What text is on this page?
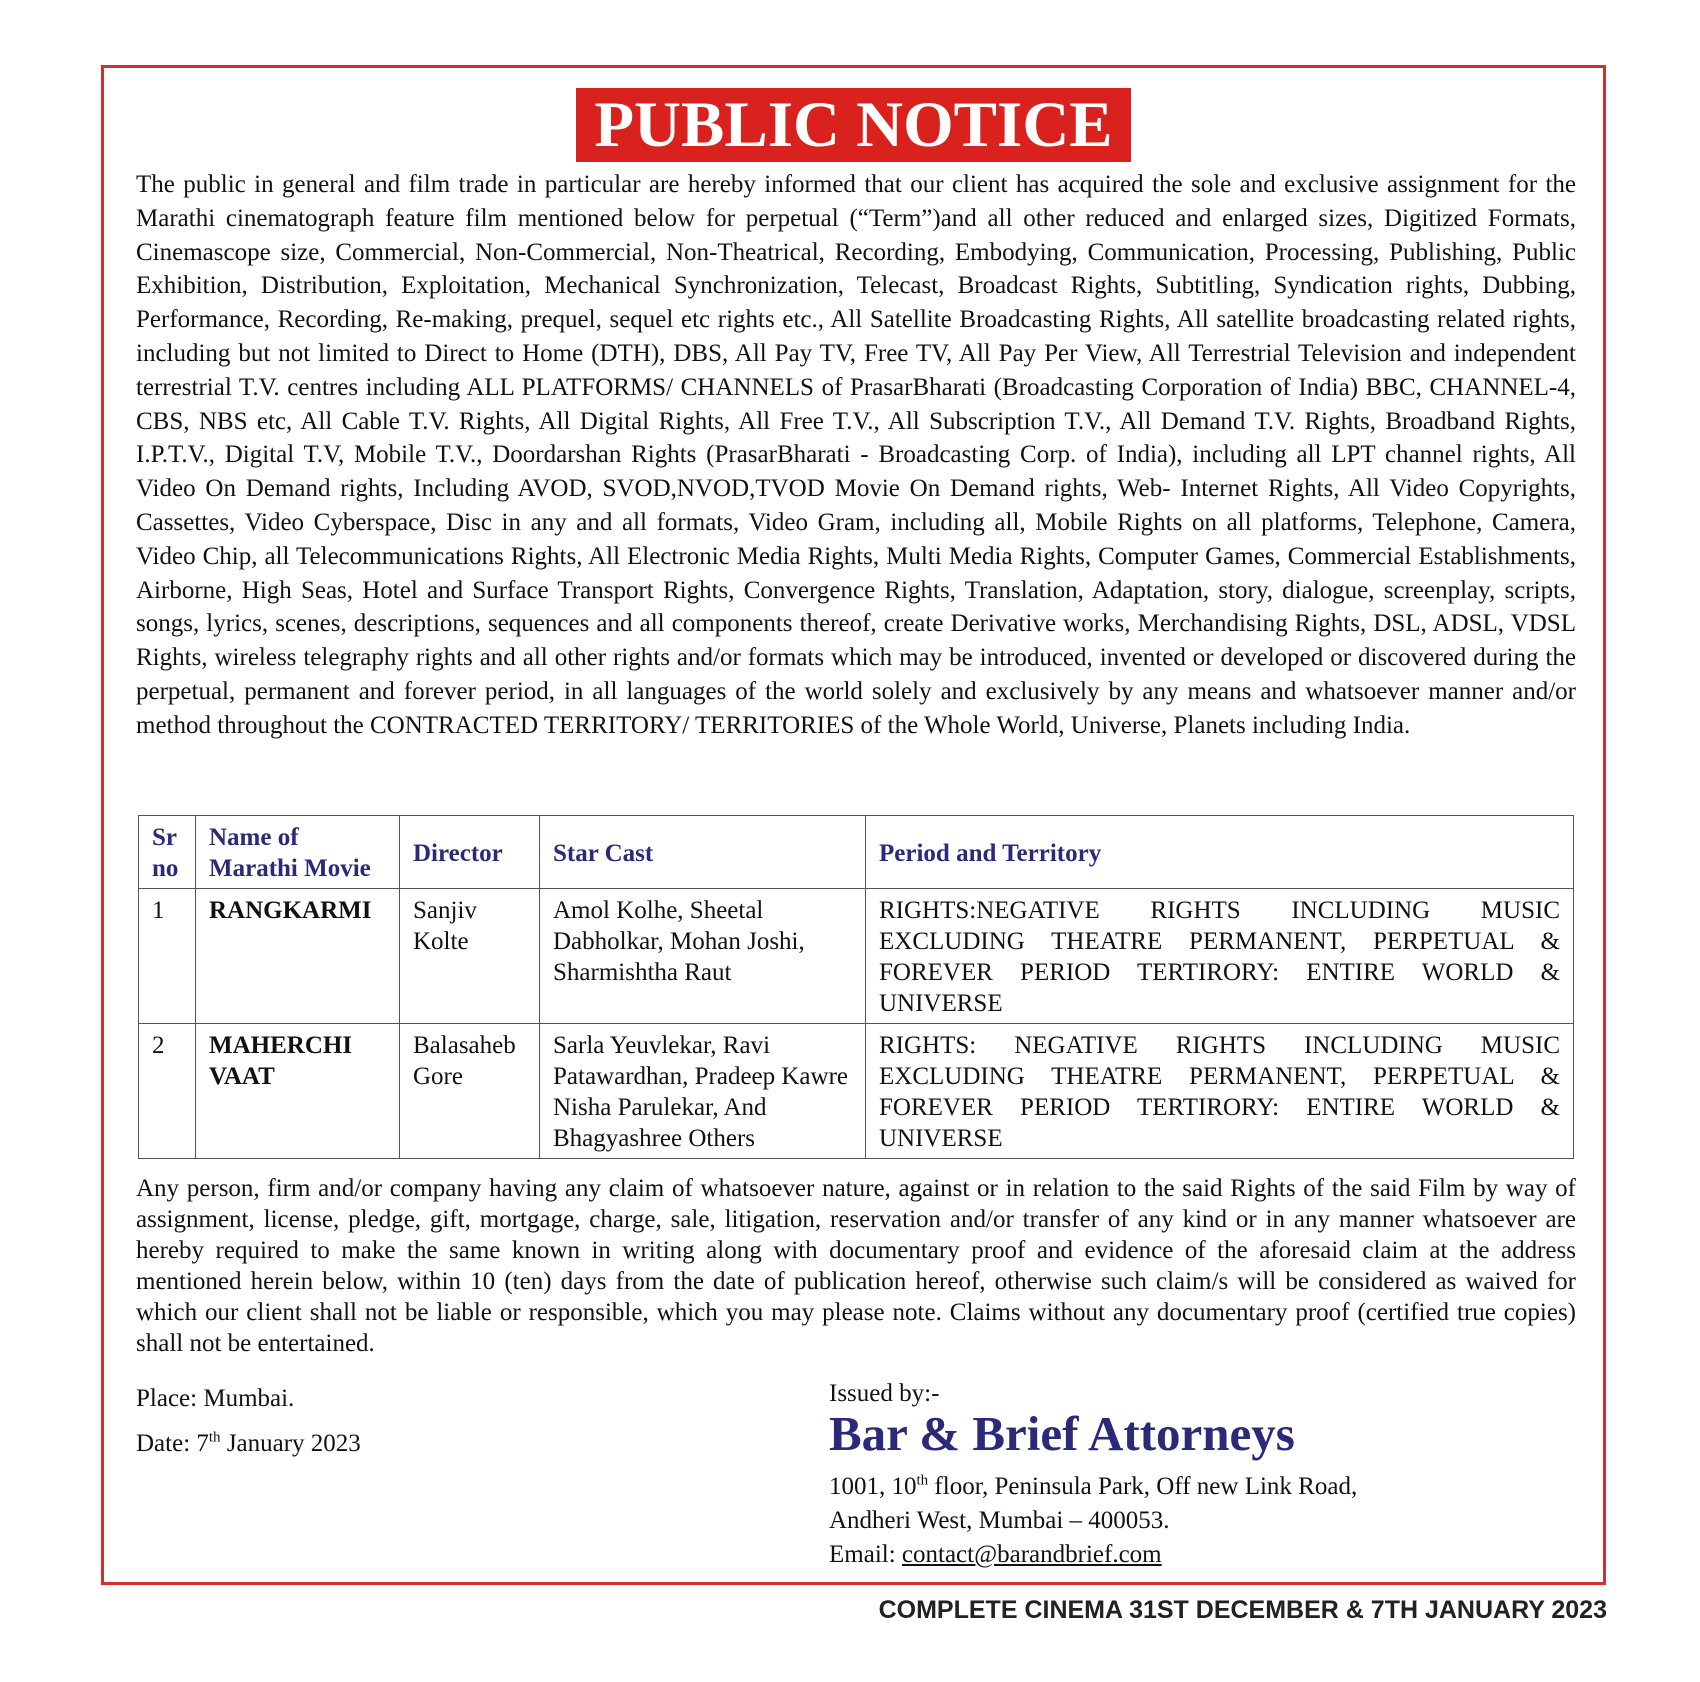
PUBLIC NOTICE

The public in general and film trade in particular are hereby informed that our client has acquired the sole and exclusive assignment for the Marathi cinematograph feature film mentioned below for perpetual (“Term”)and all other reduced and enlarged sizes, Digitized Formats, Cinemascope size, Commercial, Non-Commercial, Non-Theatrical, Recording, Embodying, Communication, Processing, Publishing, Public Exhibition, Distribution, Exploitation, Mechanical Synchronization, Telecast, Broadcast Rights, Subtitling, Syndication rights, Dubbing, Performance, Recording, Re-making, prequel, sequel etc rights etc., All Satellite Broadcasting Rights, All satellite broadcasting related rights, including but not limited to Direct to Home (DTH), DBS, All Pay TV, Free TV, All Pay Per View, All Terrestrial Television and independent terrestrial T.V. centres including ALL PLATFORMS/ CHANNELS of PrasarBharati (Broadcasting Corporation of India) BBC, CHANNEL-4, CBS, NBS etc, All Cable T.V. Rights, All Digital Rights, All Free T.V., All Subscription T.V., All Demand T.V. Rights, Broadband Rights, I.P.T.V., Digital T.V, Mobile T.V., Doordarshan Rights (PrasarBharati - Broadcasting Corp. of India), including all LPT channel rights, All Video On Demand rights, Including AVOD, SVOD,NVOD,TVOD Movie On Demand rights, Web- Internet Rights, All Video Copyrights, Cassettes, Video Cyberspace, Disc in any and all formats, Video Gram, including all, Mobile Rights on all platforms, Telephone, Camera, Video Chip, all Telecommunications Rights, All Electronic Media Rights, Multi Media Rights, Computer Games, Commercial Establishments, Airborne, High Seas, Hotel and Surface Transport Rights, Convergence Rights, Translation, Adaptation, story, dialogue, screenplay, scripts, songs, lyrics, scenes, descriptions, sequences and all components thereof, create Derivative works, Merchandising Rights, DSL, ADSL, VDSL Rights, wireless telegraphy rights and all other rights and/or formats which may be introduced, invented or developed or discovered during the perpetual, permanent and forever period, in all languages of the world solely and exclusively by any means and whatsoever manner and/or method throughout the CONTRACTED TERRITORY/ TERRITORIES of the Whole World, Universe, Planets including India.

Sr no	Name of Marathi Movie	Director	Star Cast	Period and Territory
1	RANGKARMI	Sanjiv Kolte	Amol Kolhe, Sheetal Dabholkar, Mohan Joshi, Sharmishtha Raut	RIGHTS:NEGATIVE RIGHTS INCLUDING MUSIC EXCLUDING THEATRE PERMANENT, PERPETUAL & FOREVER PERIOD TERTIRORY: ENTIRE WORLD & UNIVERSE
2	MAHERCHI VAAT	Balasaheb Gore	Sarla Yeuvlekar, Ravi Patawardhan, Pradeep Kawre Nisha Parulekar, And Bhagyashree Others	RIGHTS: NEGATIVE RIGHTS INCLUDING MUSIC EXCLUDING THEATRE PERMANENT, PERPETUAL & FOREVER PERIOD TERTIRORY: ENTIRE WORLD & UNIVERSE

Any person, firm and/or company having any claim of whatsoever nature, against or in relation to the said Rights of the said Film by way of assignment, license, pledge, gift, mortgage, charge, sale, litigation, reservation and/or transfer of any kind or in any manner whatsoever are hereby required to make the same known in writing along with documentary proof and evidence of the aforesaid claim at the address mentioned herein below, within 10 (ten) days from the date of publication hereof, otherwise such claim/s will be considered as waived for which our client shall not be liable or responsible, which you may please note. Claims without any documentary proof (certified true copies) shall not be entertained.

Place: Mumbai.
Date: 7th January 2023
Issued by:-
Bar & Brief Attorneys
1001, 10th floor, Peninsula Park, Off new Link Road,
Andheri West, Mumbai – 400053.
Email: contact@barandbrief.com
COMPLETE CINEMA 31ST DECEMBER & 7TH JANUARY 2023
